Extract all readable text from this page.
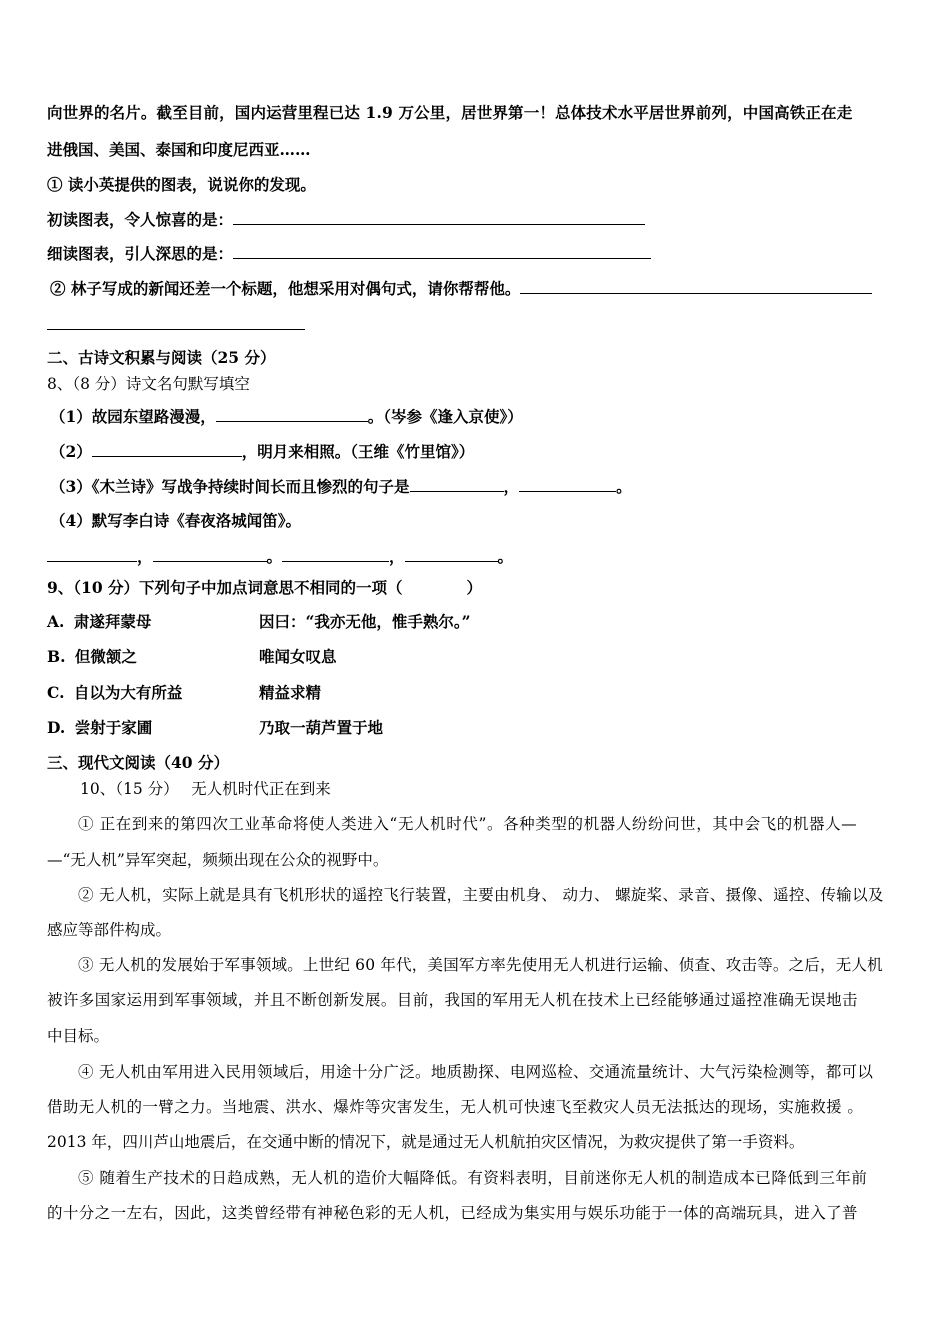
向世界的名片。截至目前，国内运营里程已达 1.9 万公里，居世界第一！总体技术水平居世界前列，中国高铁正在走
进俄国、美国、泰国和印度尼西亚……
① 读小英提供的图表，说说你的发现。
初读图表，令人惊喜的是：
细读图表，引人深思的是：
② 林子写成的新闻还差一个标题，他想采用对偶句式，请你帮帮他。
二、古诗文积累与阅读（25 分）
8、（8 分）诗文名句默写填空
（1）故园东望路漫漫，	。（岑参《逢入京使》）
（2）	，明月来相照。（王维《竹里馆》）
（3）《木兰诗》写战争持续时间长而且惨烈的句子是	，	。
（4）默写李白诗《春夜洛城闻笛》。
，	。	，	。
9、（10 分）下列句子中加点词意思不相同的一项（	）
A. 肃遂拜蒙母	因曰：“我亦无他，惟手熟尔。”
B. 但微颔之	唯闻女叹息
C. 自以为大有所益	精益求精
D. 尝射于家圃	乃取一葫芦置于地
三、现代文阅读（40 分）
10、（15 分）　 无人机时代正在到来
① 正在到来的第四次工业革命将使人类进入“无人机时代”。各种类型的机器人纷纷问世，其中会飞的机器人—
—“无人机”异军突起，频频出现在公众的视野中。
② 无人机，实际上就是具有飞机形状的遥控飞行装置，主要由机身、 动力、 螺旋桨、录音、摄像、遥控、传输以及
感应等部件构成。
③ 无人机的发展始于军事领域。上世纪 60 年代，美国军方率先使用无人机进行运输、侦查、攻击等。之后，无人机
被许多国家运用到军事领域，并且不断创新发展。目前，我国的军用无人机在技术上已经能够通过遥控准确无误地击
中目标。
④ 无人机由军用进入民用领域后，用途十分广泛。地质勘探、电网巡检、交通流量统计、大气污染检测等，都可以
借助无人机的一臂之力。当地震、洪水、爆炸等灾害发生，无人机可快速飞至救灾人员无法抵达的现场，实施救援 。
2013 年，四川芦山地震后，在交通中断的情况下，就是通过无人机航拍灾区情况，为救灾提供了第一手资料。
⑤ 随着生产技术的日趋成熟，无人机的造价大幅降低。有资料表明，目前迷你无人机的制造成本已降低到三年前
的十分之一左右，因此，这类曾经带有神秘色彩的无人机，已经成为集实用与娱乐功能于一体的高端玩具，进入了普
